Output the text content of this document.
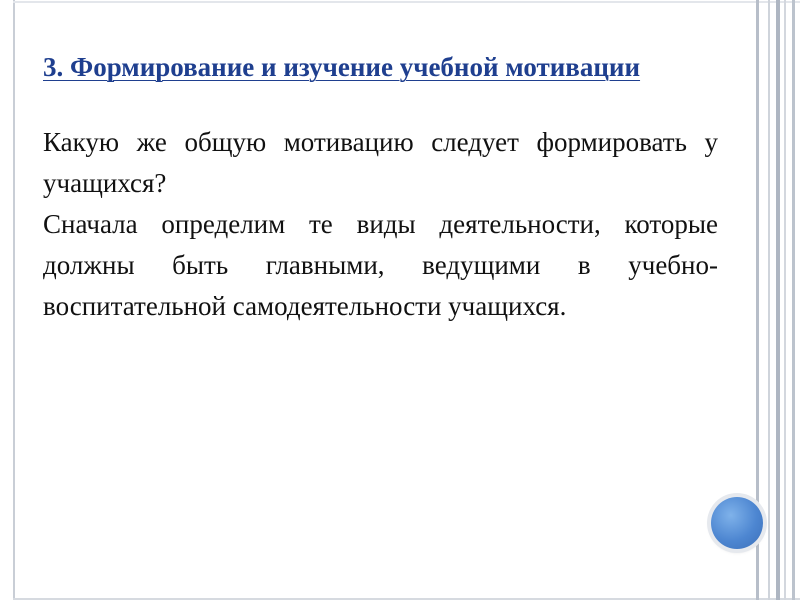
3. Формирование и изучение учебной мотивации

Какую же общую мотивацию следует формировать у учащихся?

Сначала определим те виды деятельности, которые должны быть главными, ведущими в учебно-воспитательной самодеятельности учащихся.
